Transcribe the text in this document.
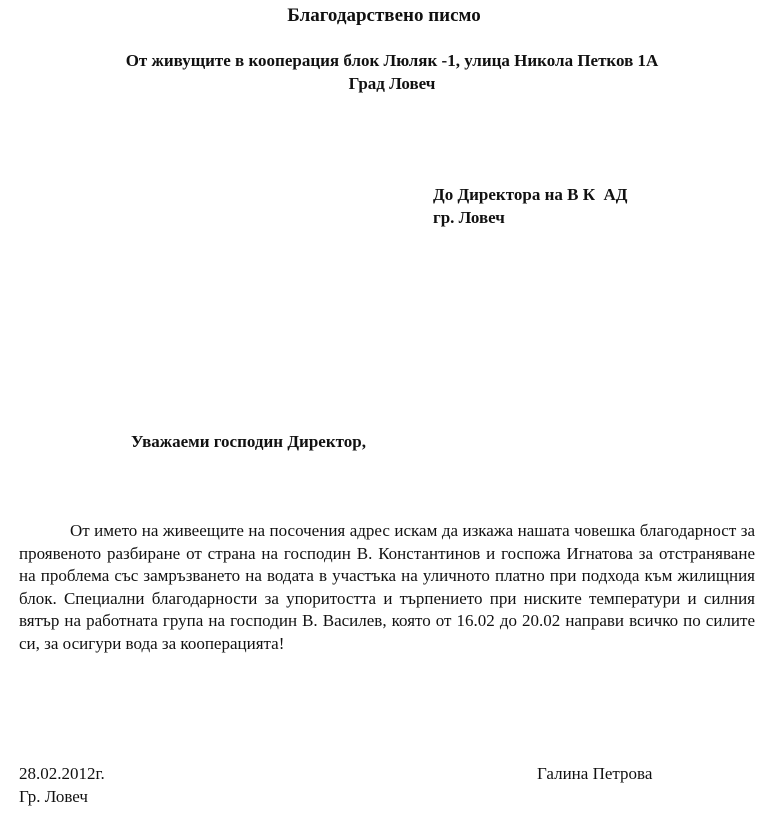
Благодарствено писмо
От живущите в кооперация блок Люляк -1, улица Никола Петков 1А
Град Ловеч
До Директора на В К  АД
гр. Ловеч
Уважаеми господин Директор,
От името на живеещите на посочения адрес искам да изкажа нашата човешка благодарност за проявеното разбиране от страна на господин В. Константинов и госпожа Игнатова за отстраняване на проблема със замръзването на водата в участъка на уличното платно при подхода към жилищния блок. Специални благодарности за упоритостта и търпението при ниските температури и силния вятър на работната група на господин В. Василев, която от 16.02 до 20.02 направи всичко по силите си, за осигури вода за кооперацията!
28.02.2012г.
Гр. Ловеч
Галина Петрова
